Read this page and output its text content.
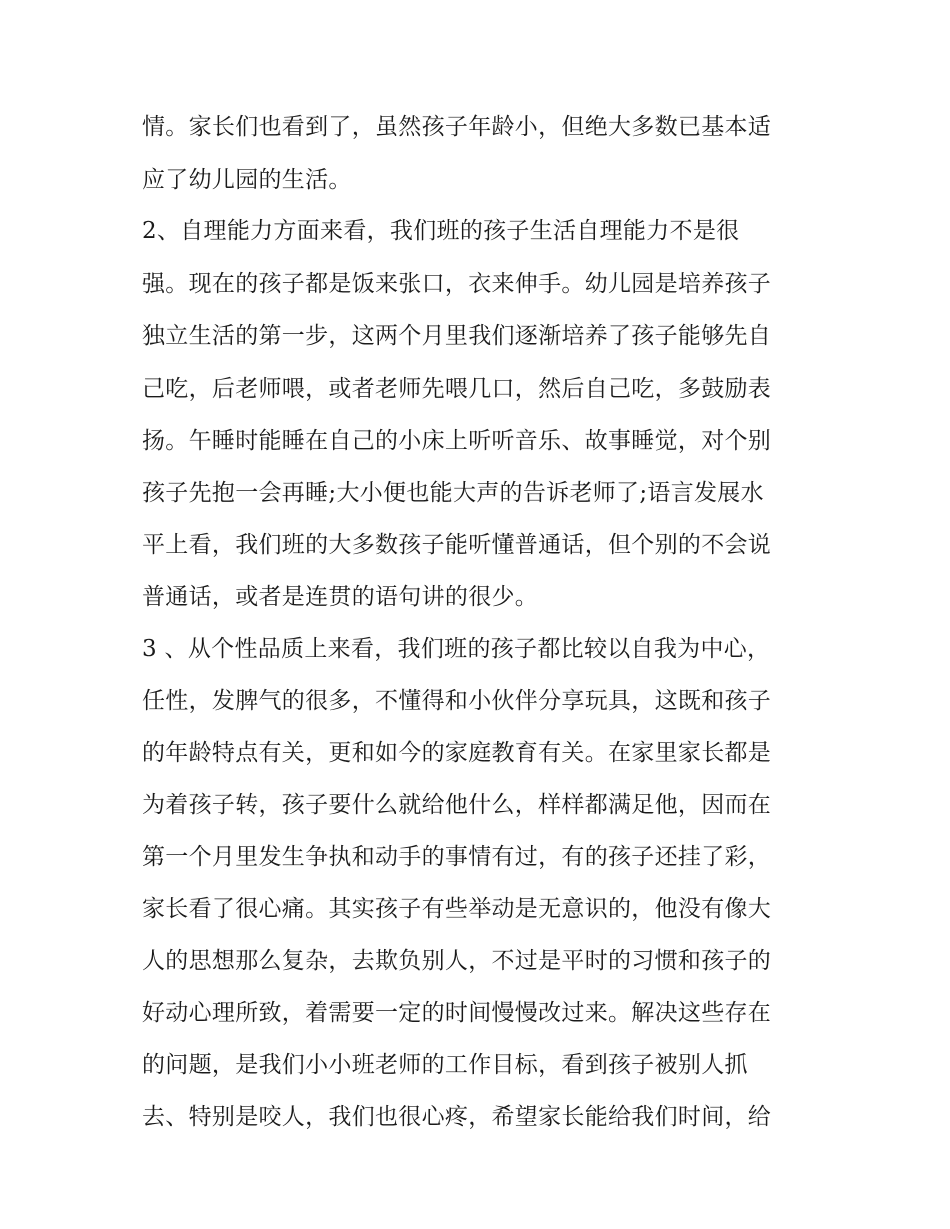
情。家长们也看到了，虽然孩子年龄小，但绝大多数已基本适
应了幼儿园的生活。
2、自理能力方面来看，我们班的孩子生活自理能力不是很
强。现在的孩子都是饭来张口，衣来伸手。幼儿园是培养孩子
独立生活的第一步，这两个月里我们逐渐培养了孩子能够先自
己吃，后老师喂，或者老师先喂几口，然后自己吃，多鼓励表
扬。午睡时能睡在自己的小床上听听音乐、故事睡觉，对个别
孩子先抱一会再睡;大小便也能大声的告诉老师了;语言发展水
平上看，我们班的大多数孩子能听懂普通话，但个别的不会说
普通话，或者是连贯的语句讲的很少。
3 、从个性品质上来看，我们班的孩子都比较以自我为中心，
任性，发脾气的很多，不懂得和小伙伴分享玩具，这既和孩子
的年龄特点有关，更和如今的家庭教育有关。在家里家长都是
为着孩子转，孩子要什么就给他什么，样样都满足他，因而在
第一个月里发生争执和动手的事情有过，有的孩子还挂了彩，
家长看了很心痛。其实孩子有些举动是无意识的，他没有像大
人的思想那么复杂，去欺负别人，不过是平时的习惯和孩子的
好动心理所致，着需要一定的时间慢慢改过来。解决这些存在
的问题，是我们小小班老师的工作目标，看到孩子被别人抓
去、特别是咬人，我们也很心疼，希望家长能给我们时间，给
